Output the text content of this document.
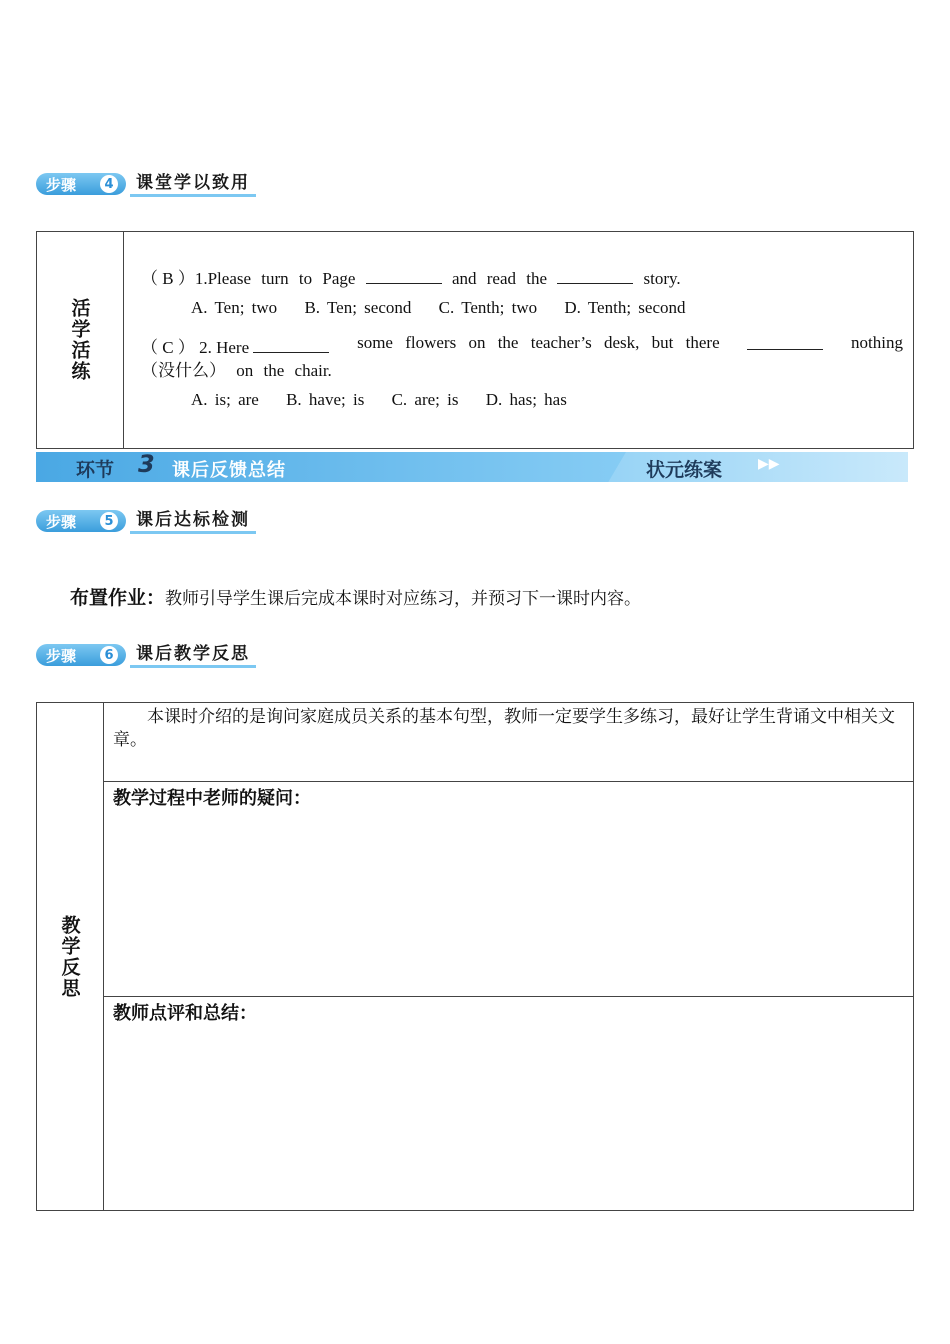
步骤	4	课堂学以致用
活学活练
（ B ）1.Please turn to Page	and read the	story.
A. Ten; two B. Ten; second C. Tenth; two D. Tenth; second
（ C ） 2. Here	some flowers on the teacher’s desk, but there	nothing
（没什么） on the chair.
A. is; are B. have; is C. are; is D. has; has
环节 3 课后反馈总结	状元练案	▶▶
步骤	5	课后达标检测
布置作业：教师引导学生课后完成本课时对应练习，并预习下一课时内容。
步骤	6	课后教学反思
教学反思
本课时介绍的是询问家庭成员关系的基本句型，教师一定要学生多练习，最好让学生背诵文中相关文章。
教学过程中老师的疑问：
教师点评和总结：
